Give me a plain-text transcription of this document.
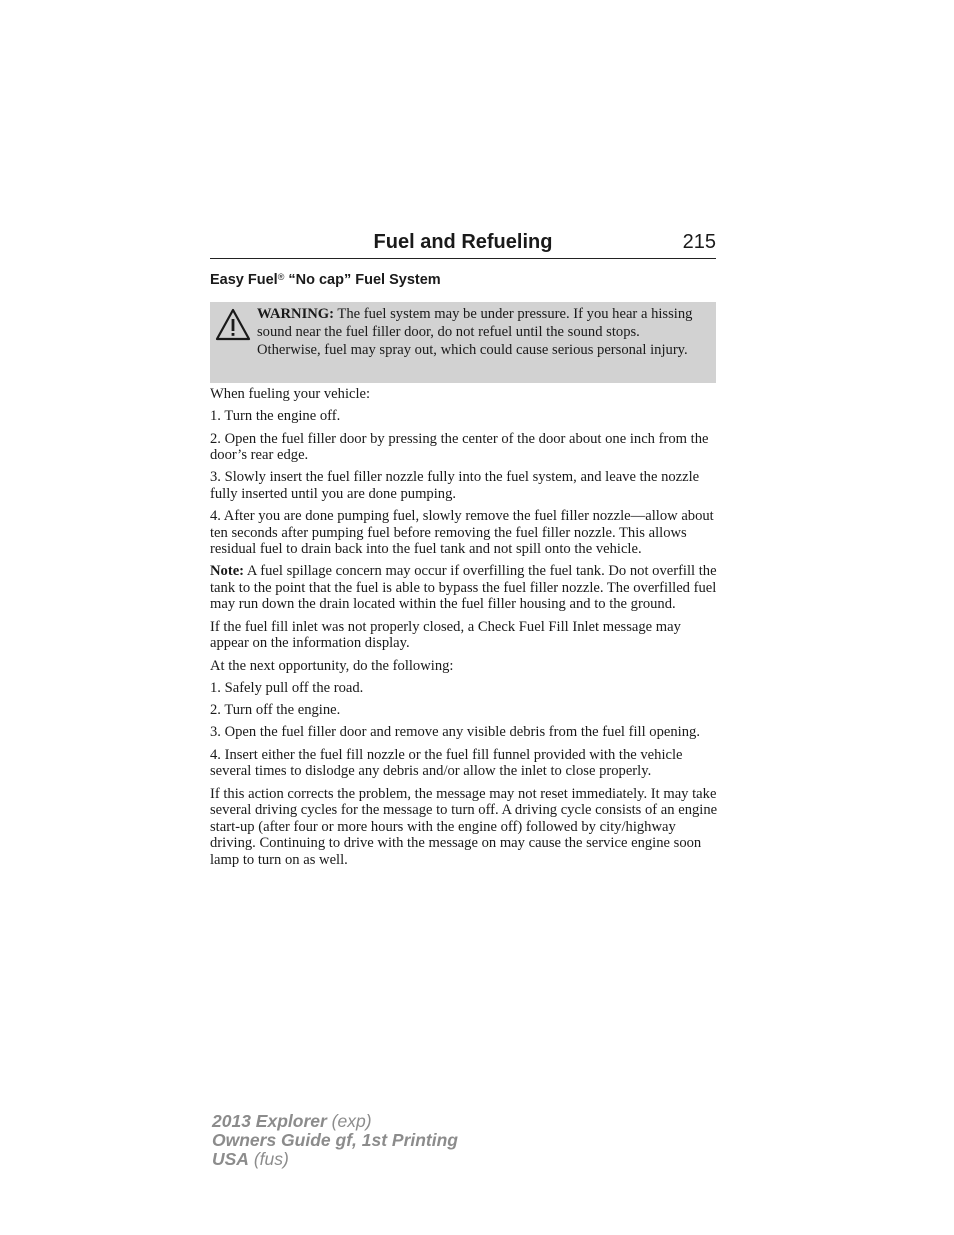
Fuel and Refueling	215
Easy Fuel® “No cap” Fuel System
WARNING: The fuel system may be under pressure. If you hear a hissing sound near the fuel filler door, do not refuel until the sound stops. Otherwise, fuel may spray out, which could cause serious personal injury.

When fueling your vehicle:

1. Turn the engine off.

2. Open the fuel filler door by pressing the center of the door about one inch from the door’s rear edge.

3. Slowly insert the fuel filler nozzle fully into the fuel system, and leave the nozzle fully inserted until you are done pumping.

4. After you are done pumping fuel, slowly remove the fuel filler nozzle—allow about ten seconds after pumping fuel before removing the fuel filler nozzle. This allows residual fuel to drain back into the fuel tank and not spill onto the vehicle.

Note: A fuel spillage concern may occur if overfilling the fuel tank. Do not overfill the tank to the point that the fuel is able to bypass the fuel filler nozzle. The overfilled fuel may run down the drain located within the fuel filler housing and to the ground.

If the fuel fill inlet was not properly closed, a Check Fuel Fill Inlet message may appear on the information display.

At the next opportunity, do the following:

1. Safely pull off the road.

2. Turn off the engine.

3. Open the fuel filler door and remove any visible debris from the fuel fill opening.

4. Insert either the fuel fill nozzle or the fuel fill funnel provided with the vehicle several times to dislodge any debris and/or allow the inlet to close properly.

If this action corrects the problem, the message may not reset immediately. It may take several driving cycles for the message to turn off. A driving cycle consists of an engine start-up (after four or more hours with the engine off) followed by city/highway driving. Continuing to drive with the message on may cause the service engine soon lamp to turn on as well.

2013 Explorer (exp)
Owners Guide gf, 1st Printing
USA (fus)
